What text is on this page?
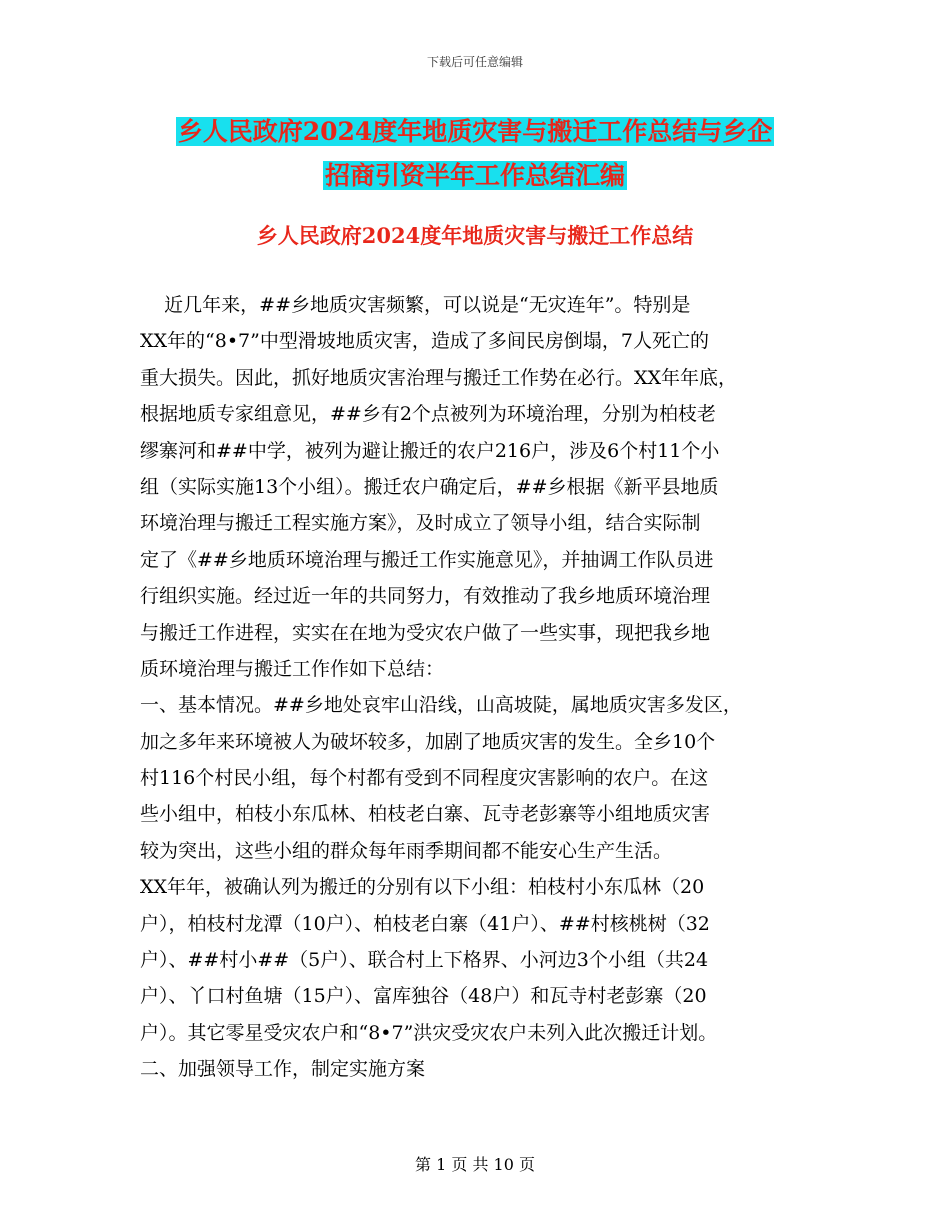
下载后可任意编辑
乡人民政府2024度年地质灾害与搬迁工作总结与乡企
招商引资半年工作总结汇编
乡人民政府2024度年地质灾害与搬迁工作总结
近几年来，##乡地质灾害频繁，可以说是“无灾连年”。特别是
XX年的“8•7”中型滑坡地质灾害，造成了多间民房倒塌，7人死亡的
重大损失。因此，抓好地质灾害治理与搬迁工作势在必行。XX年年底，
根据地质专家组意见，##乡有2个点被列为环境治理，分别为柏枝老
缪寨河和##中学，被列为避让搬迁的农户216户，涉及6个村11个小
组（实际实施13个小组）。搬迁农户确定后，##乡根据《新平县地质
环境治理与搬迁工程实施方案》，及时成立了领导小组，结合实际制
定了《##乡地质环境治理与搬迁工作实施意见》，并抽调工作队员进
行组织实施。经过近一年的共同努力，有效推动了我乡地质环境治理
与搬迁工作进程，实实在在地为受灾农户做了一些实事，现把我乡地
质环境治理与搬迁工作作如下总结：
一、基本情况。##乡地处哀牢山沿线，山高坡陡，属地质灾害多发区，
加之多年来环境被人为破坏较多，加剧了地质灾害的发生。全乡10个
村116个村民小组，每个村都有受到不同程度灾害影响的农户。在这
些小组中，柏枝小东瓜林、柏枝老白寨、瓦寺老彭寨等小组地质灾害
较为突出，这些小组的群众每年雨季期间都不能安心生产生活。
XX年年，被确认列为搬迁的分别有以下小组：柏枝村小东瓜林（20
户），柏枝村龙潭（10户）、柏枝老白寨（41户）、##村核桃树（32
户）、##村小##（5户）、联合村上下格界、小河边3个小组（共24
户）、丫口村鱼塘（15户）、富库独谷（48户）和瓦寺村老彭寨（20
户）。其它零星受灾农户和“8•7”洪灾受灾农户未列入此次搬迁计划。
二、加强领导工作，制定实施方案
第 1 页 共 10 页
